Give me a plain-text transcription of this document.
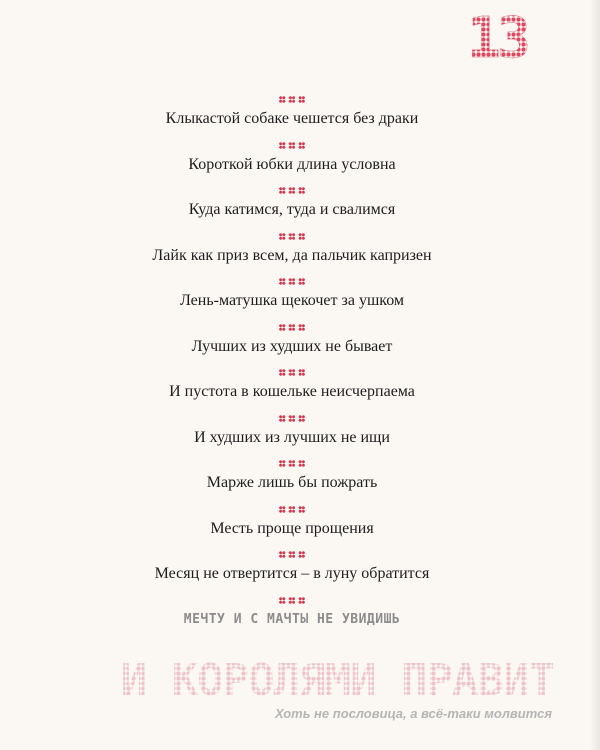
13
Клыкастой собаке чешется без драки
Короткой юбки длина условна
Куда катимся, туда и свалимся
Лайк как приз всем, да пальчик капризен
Лень-матушка щекочет за ушком
Лучших из худших не бывает
И пустота в кошельке неисчерпаема
И худших из лучших не ищи
Марже лишь бы пожрать
Месть проще прощения
Месяц не отвертится – в луну обратится
МЕЧТУ И С МАЧТЫ НЕ УВИДИШЬ
И КОРОЛЯМИ ПРАВИТ
Хоть не пословица, а всё-таки молвится
